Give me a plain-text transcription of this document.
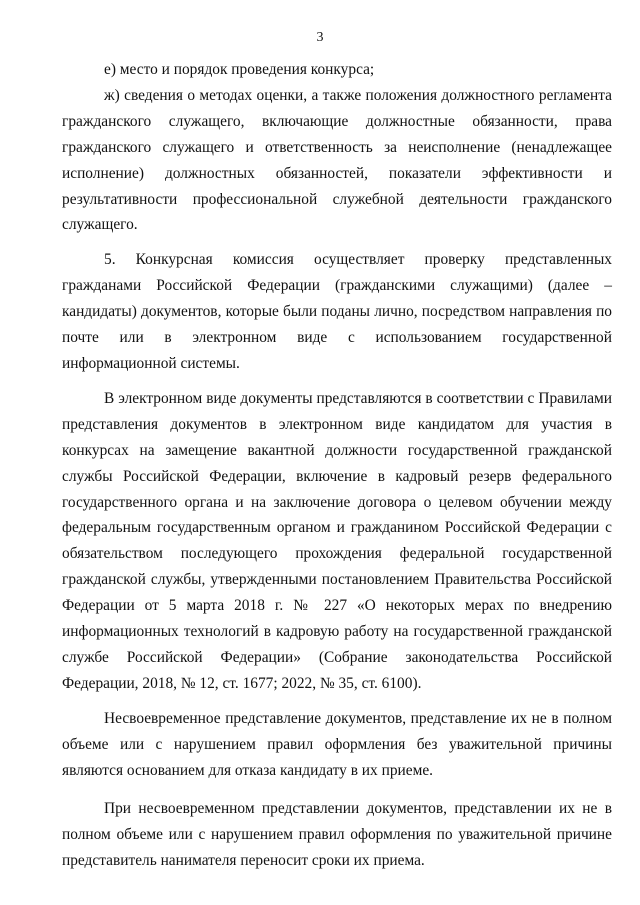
3

е) место и порядок проведения конкурса;

ж) сведения о методах оценки, а также положения должностного регламента гражданского служащего, включающие должностные обязанности, права гражданского служащего и ответственность за неисполнение (ненадлежащее исполнение) должностных обязанностей, показатели эффективности и результативности профессиональной служебной деятельности гражданского служащего.

5. Конкурсная комиссия осуществляет проверку представленных гражданами Российской Федерации (гражданскими служащими) (далее – кандидаты) документов, которые были поданы лично, посредством направления по почте или в электронном виде с использованием государственной информационной системы.

В электронном виде документы представляются в соответствии с Правилами представления документов в электронном виде кандидатом для участия в конкурсах на замещение вакантной должности государственной гражданской службы Российской Федерации, включение в кадровый резерв федерального государственного органа и на заключение договора о целевом обучении между федеральным государственным органом и гражданином Российской Федерации с обязательством последующего прохождения федеральной государственной гражданской службы, утвержденными постановлением Правительства Российской Федерации от 5 марта 2018 г. № 227 «О некоторых мерах по внедрению информационных технологий в кадровую работу на государственной гражданской службе Российской Федерации» (Собрание законодательства Российской Федерации, 2018, № 12, ст. 1677; 2022, № 35, ст. 6100).

Несвоевременное представление документов, представление их не в полном объеме или с нарушением правил оформления без уважительной причины являются основанием для отказа кандидату в их приеме.

При несвоевременном представлении документов, представлении их не в полном объеме или с нарушением правил оформления по уважительной причине представитель нанимателя переносит сроки их приема.
